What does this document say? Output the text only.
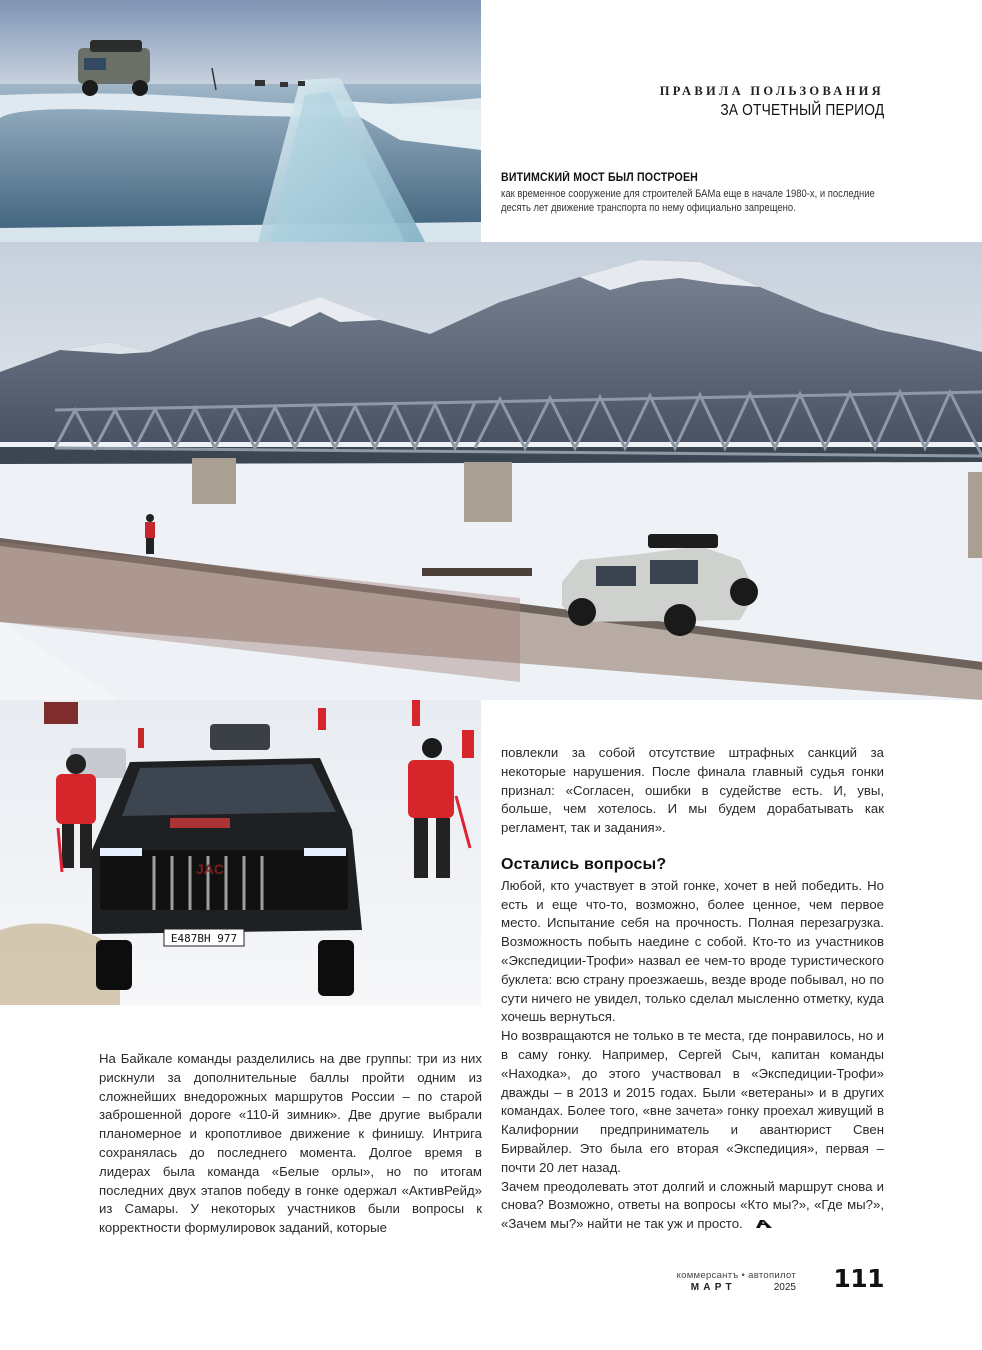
ПРАВИЛА ПОЛЬЗОВАНИЯ
ЗА ОТЧЕТНЫЙ ПЕРИОД
ВИТИМСКИЙ МОСТ БЫЛ ПОСТРОЕН
как временное сооружение для строителей БАМа еще в начале 1980-х, и последние десять лет движение транспорта по нему официально запрещено.
Е487ВН 977
JAC

На Байкале команды разделились на две группы: три из них рискнули за дополнительные баллы пройти одним из сложнейших внедорожных маршрутов России – по старой заброшенной дороге «110-й зимник». Две другие выбрали планомерное и кропотливое движение к финишу. Интрига сохранялась до последнего момента. Долгое время в лидерах была команда «Белые орлы», но по итогам последних двух этапов победу в гонке одержал «АктивРейд» из Самары. У некоторых участников были вопросы к корректности формулировок заданий, которые

повлекли за собой отсутствие штрафных санкций за некоторые нарушения. После финала главный судья гонки признал: «Согласен, ошибки в судействе есть. И, увы, больше, чем хотелось. И мы будем дорабатывать как регламент, так и задания».

Остались вопросы?

Любой, кто участвует в этой гонке, хочет в ней победить. Но есть и еще что-то, возможно, более ценное, чем первое место. Испытание себя на прочность. Полная перезагрузка. Возможность побыть наедине с собой. Кто-то из участников «Экспедиции-Трофи» назвал ее чем-то вроде туристического буклета: всю страну проезжаешь, везде вроде побывал, но по сути ничего не увидел, только сделал мысленно отметку, куда хочешь вернуться.

Но возвращаются не только в те места, где понравилось, но и в саму гонку. Например, Сергей Сыч, капитан команды «Находка», до этого участвовал в «Экспедиции-Трофи» дважды – в 2013 и 2015 годах. Были «ветераны» и в других командах. Более того, «вне зачета» гонку проехал живущий в Калифорнии предприниматель и авантюрист Свен Бирвайлер. Это была его вторая «Экспедиция», первая – почти 20 лет назад.

Зачем преодолевать этот долгий и сложный маршрут снова и снова? Возможно, ответы на вопросы «Кто мы?», «Где мы?», «Зачем мы?» найти не так уж и просто.

коммерсантъ • автопилот
МАРТ	2025 111
